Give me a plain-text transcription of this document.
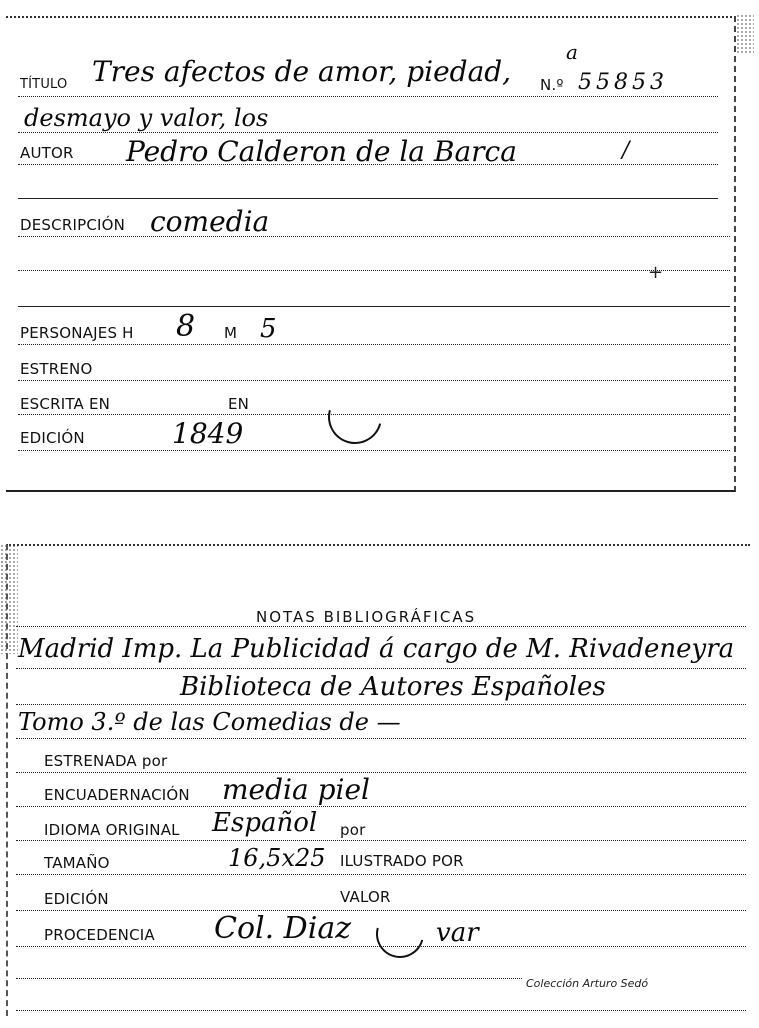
TÍTULO Tres afectos de amor, piedad,
a
N.º 55853
desmayo y valor, los
AUTOR Pedro Calderon de la Barca	/
DESCRIPCIÓN comedia
+
PERSONAJES H 8 M 5
ESTRENO
ESCRITA EN	EN
EDICIÓN	1849
NOTAS BIBLIOGRÁFICAS
Madrid Imp. La Publicidad á cargo de M. Rivadeneyra
Biblioteca de Autores Españoles
Tomo 3.º de las Comedias de —
ESTRENADA por
ENCUADERNACIÓN media piel
IDIOMA ORIGINAL Español por
TAMAÑO	16,5x25 ILUSTRADO POR
EDICIÓN	VALOR
PROCEDENCIA Col. Diaz	var
Colección Arturo Sedó
